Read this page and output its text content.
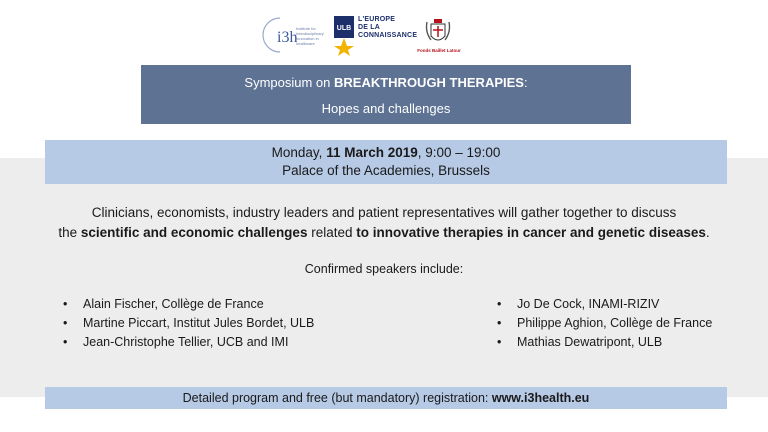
i3h
Institute for
Interdisciplinary
Innovation in healthcare
ULB
L'EUROPE
DE LA
CONNAISSANCE
Fonds Baillet Latour
Symposium on BREAKTHROUGH THERAPIES:
Hopes and challenges
Monday, 11 March 2019, 9:00 – 19:00
Palace of the Academies, Brussels
Clinicians, economists, industry leaders and patient representatives will gather together to discuss
the scientific and economic challenges related to innovative therapies in cancer and genetic diseases.
Confirmed speakers include:
• Alain Fischer, Collège de France
• Martine Piccart, Institut Jules Bordet, ULB
• Jean-Christophe Tellier, UCB and IMI
• Jo De Cock, INAMI-RIZIV
• Philippe Aghion, Collège de France
• Mathias Dewatripont, ULB
Detailed program and free (but mandatory) registration: www.i3health.eu
